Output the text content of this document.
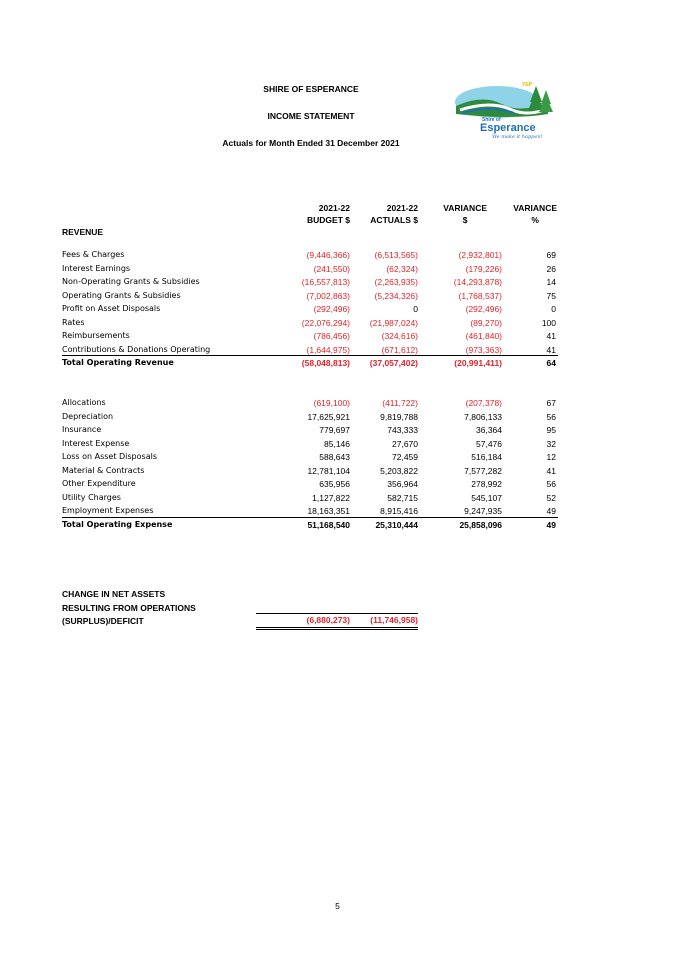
SHIRE OF ESPERANCE
INCOME STATEMENT
Actuals for Month Ended 31 December 2021
YEP
Shire of
Esperance
We make it happen!
2021-22
BUDGET $
2021-22
ACTUALS $
VARIANCE
$
VARIANCE
%
REVENUE
Fees & Charges	(9,446,366)	(6,513,565)	(2,932,801)	69
Interest Earnings	(241,550)	(62,324)	(179,226)	26
Non-Operating Grants & Subsidies	(16,557,813)	(2,263,935)	(14,293,878)	14
Operating Grants & Subsidies	(7,002,863)	(5,234,326)	(1,768,537)	75
Profit on Asset Disposals	(292,496)	0	(292,496)	0
Rates	(22,076,294) (21,987,024)	(89,270)	100
Reimbursements	(786,456)	(324,616)	(461,840)	41
Contributions & Donations Operating	(1,644,975)	(671,612)	(973,363)	41
Total Operating Revenue	(58,048,813) (37,057,402)	(20,991,411)	64
Allocations	(619,100)	(411,722)	(207,378)	67
Depreciation	17,625,921	9,819,788	7,806,133	56
Insurance	779,697	743,333	36,364	95
Interest Expense	85,146	27,670	57,476	32
Loss on Asset Disposals	588,643	72,459	516,184	12
Material & Contracts	12,781,104	5,203,822	7,577,282	41
Other Expenditure	635,956	356,964	278,992	56
Utility Charges	1,127,822	582,715	545,107	52
Employment Expenses	18,163,351	8,915,416	9,247,935	49
Total Operating Expense	51,168,540	25,310,444	25,858,096	49
CHANGE IN NET ASSETS
RESULTING FROM OPERATIONS
(SURPLUS)/DEFICIT	(6,880,273) (11,746,958)
5
